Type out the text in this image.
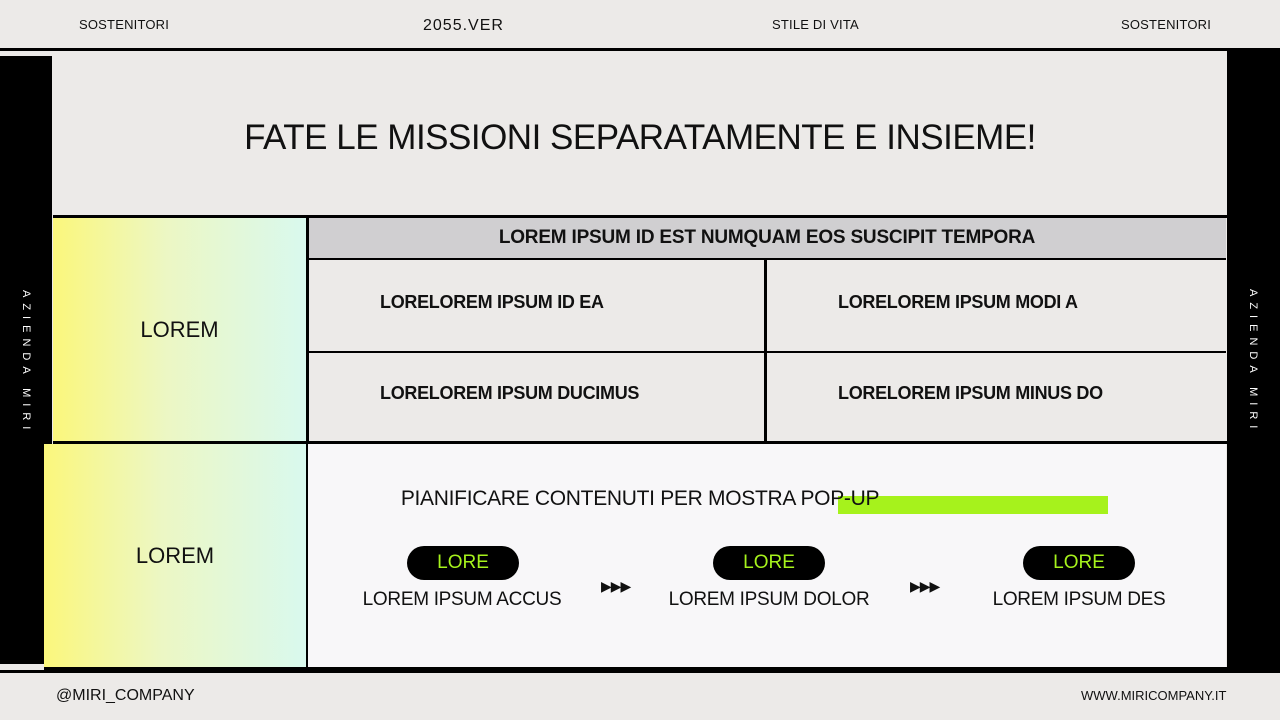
SOSTENITORI	2055.VER	STILE DI VITA	SOSTENITORI
AZIENDA MIRI	AZIENDA MIRI
FATE LE MISSIONI SEPARATAMENTE E INSIEME!
LOREM
LOREM
LOREM IPSUM ID EST NUMQUAM EOS SUSCIPIT TEMPORA
LORELOREM IPSUM ID EA	LORELOREM IPSUM MODI A
LORELOREM IPSUM DUCIMUS	LORELOREM IPSUM MINUS DO
PIANIFICARE CONTENUTI PER MOSTRA POP-UP
LORE
LOREM IPSUM ACCUS
▶▶▶
LORE
LOREM IPSUM DOLOR
▶▶▶
LORE
LOREM IPSUM DES
@MIRI_COMPANY	WWW.MIRICOMPANY.IT
